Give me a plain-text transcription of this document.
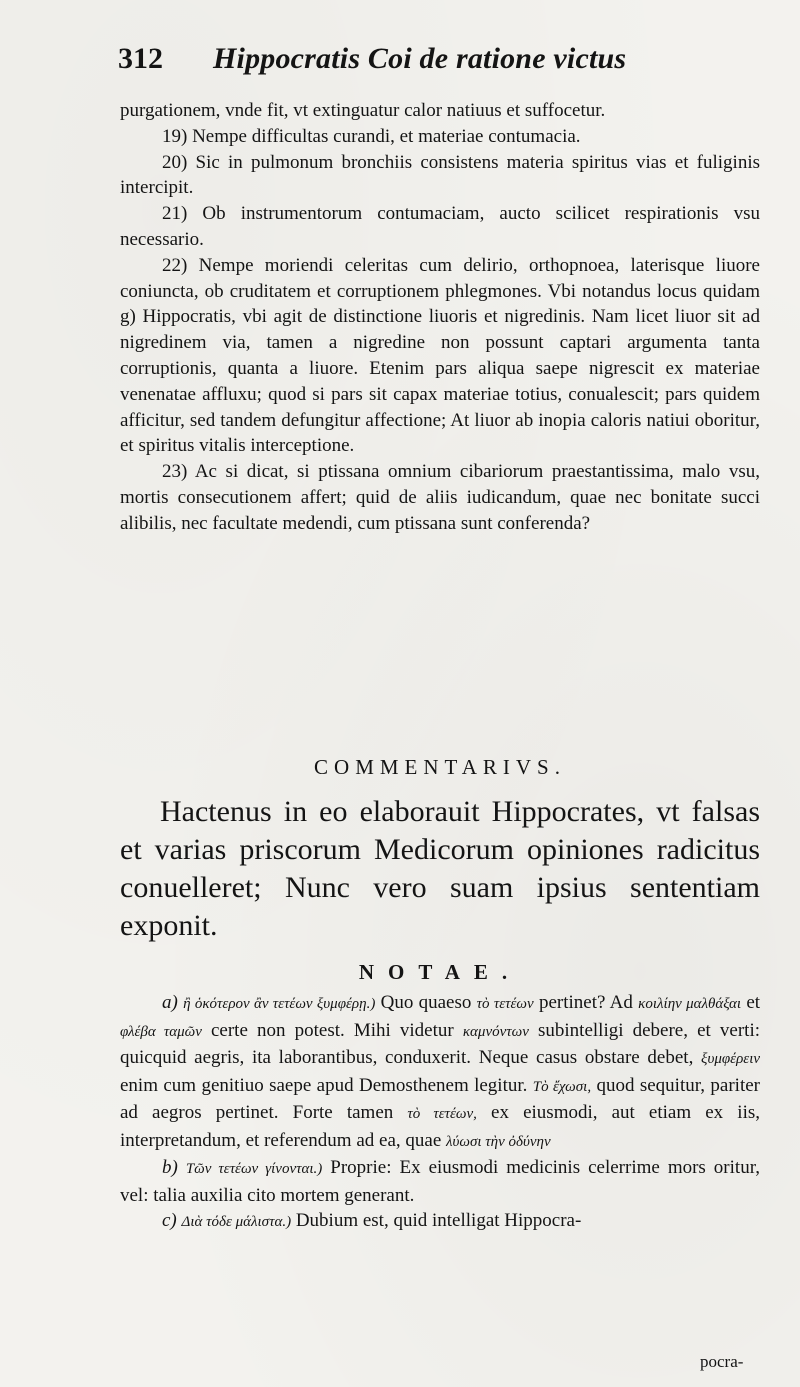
312 Hippocratis Coi de ratione victus

purgationem, vnde fit, vt extinguatur calor natiuus et suffocetur.

19) Nempe difficultas curandi, et materiae contumacia.

20) Sic in pulmonum bronchiis consistens materia spiritus vias et fuliginis intercipit.

21) Ob instrumentorum contumaciam, aucto scilicet respirationis vsu necessario.

22) Nempe moriendi celeritas cum delirio, orthopnoea, laterisque liuore coniuncta, ob cruditatem et corruptionem phlegmones. Vbi notandus locus quidam g) Hippocratis, vbi agit de distinctione liuoris et nigredinis. Nam licet liuor sit ad nigredinem via, tamen a nigredine non possunt captari argumenta tanta corruptionis, quanta a liuore. Etenim pars aliqua saepe nigrescit ex materiae venenatae affluxu; quod si pars sit capax materiae totius, conualescit; pars quidem afficitur, sed tandem defungitur affectione; At liuor ab inopia caloris natiui oboritur, et spiritus vitalis interceptione.

23) Ac si dicat, si ptissana omnium cibariorum praestantissima, malo vsu, mortis consecutionem affert; quid de aliis iudicandum, quae nec bonitate succi alibilis, nec facultate medendi, cum ptissana sunt conferenda?

COMMENTARIVS.

Hactenus in eo elaborauit Hippocrates, vt falsas et varias priscorum Medicorum opiniones radicitus conuelleret; Nunc vero suam ipsius sententiam exponit.

NOTAE.

a) ἢ ὁκότερον ἂν τετέων ξυμφέρῃ.) Quo quaeso τὸ τετέων pertinet? Ad κοιλίην μαλθάξαι et φλέβα ταμῶν certe non potest. Mihi videtur καμνόντων subintelligi debere, et verti: quicquid aegris, ita laborantibus, conduxerit. Neque casus obstare debet, ξυμφέρειν enim cum genitiuo saepe apud Demosthenem legitur. Τὸ ἔχωσι, quod sequitur, pariter ad aegros pertinet. Forte tamen τὸ τετέων, ex eiusmodi, aut etiam ex iis, interpretandum, et referendum ad ea, quae λύωσι τὴν ὀδύνην

b) Τῶν τετέων γίνονται.) Proprie: Ex eiusmodi medicinis celerrime mors oritur, vel: talia auxilia cito mortem generant.

c) Διὰ τόδε μάλιστα.) Dubium est, quid intelligat Hippocra-

pocra-
